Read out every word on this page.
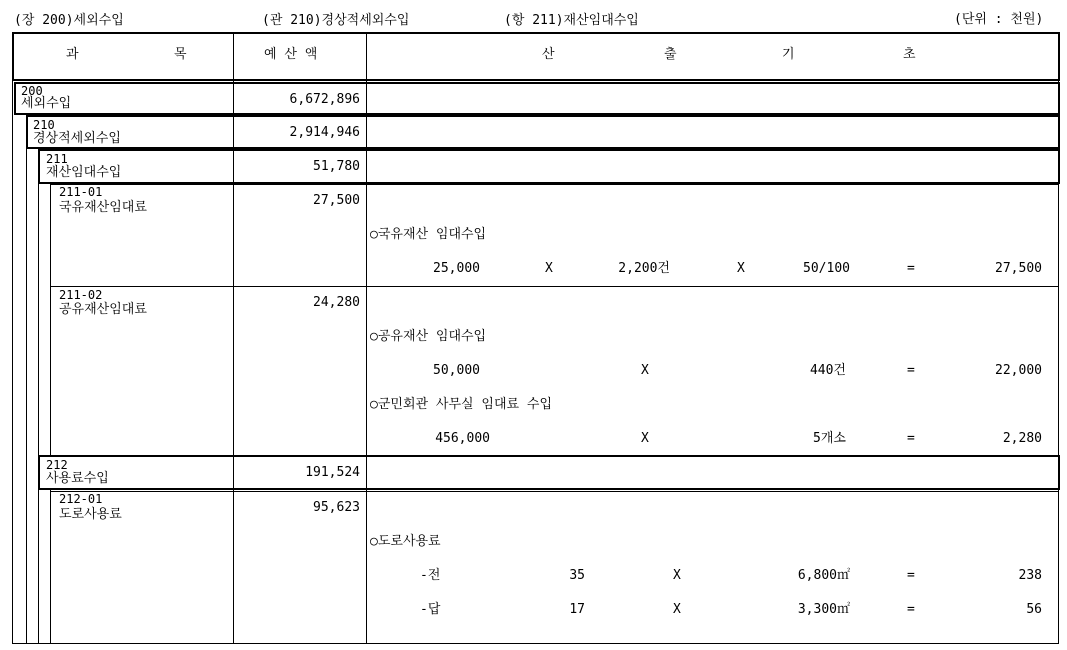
(장 200)세외수입	(관 210)경상적세외수입	(항 211)재산임대수입	(단위 : 천원)
과	목	예 산 액	산	출	기	초
200
세외수입	6,672,896
210
경상적세외수입	2,914,946
211
재산임대수입	51,780
211-01
국유재산임대료	27,500
○국유재산 임대수입
25,000	X	2,200건	X	50/100	=	27,500
211-02
공유재산임대료	24,280
○공유재산 임대수입
50,000	X	440건	=	22,000
○군민회관 사무실 임대료 수입
456,000	X	5개소	=	2,280
212
사용료수입	191,524
212-01
도로사용료	95,623
○도로사용료
-전	35	X	6,800㎡	=	238
-답	17	X	3,300㎡	=	56
